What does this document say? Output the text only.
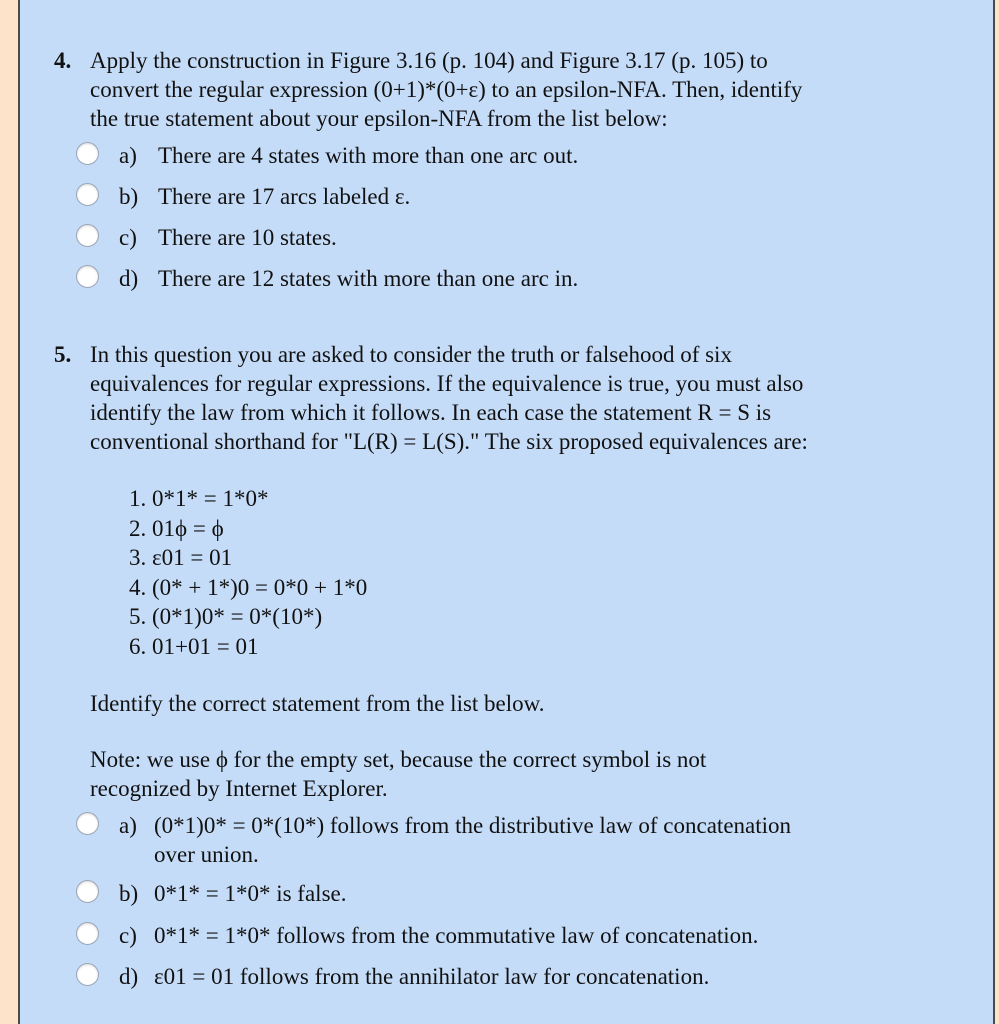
4. Apply the construction in Figure 3.16 (p. 104) and Figure 3.17 (p. 105) to
convert the regular expression (0+1)*(0+ε) to an epsilon-NFA. Then, identify
the true statement about your epsilon-NFA from the list below:
a) There are 4 states with more than one arc out.
b) There are 17 arcs labeled ε.
c) There are 10 states.
d) There are 12 states with more than one arc in.
5. In this question you are asked to consider the truth or falsehood of six
equivalences for regular expressions. If the equivalence is true, you must also
identify the law from which it follows. In each case the statement R = S is
conventional shorthand for "L(R) = L(S)." The six proposed equivalences are:
1. 0*1* = 1*0*
2. 01ϕ = ϕ
3. ε01 = 01
4. (0* + 1*)0 = 0*0 + 1*0
5. (0*1)0* = 0*(10*)
6. 01+01 = 01
Identify the correct statement from the list below.
Note: we use ϕ for the empty set, because the correct symbol is not
recognized by Internet Explorer.
a) (0*1)0* = 0*(10*) follows from the distributive law of concatenation
over union.
b) 0*1* = 1*0* is false.
c) 0*1* = 1*0* follows from the commutative law of concatenation.
d) ε01 = 01 follows from the annihilator law for concatenation.
